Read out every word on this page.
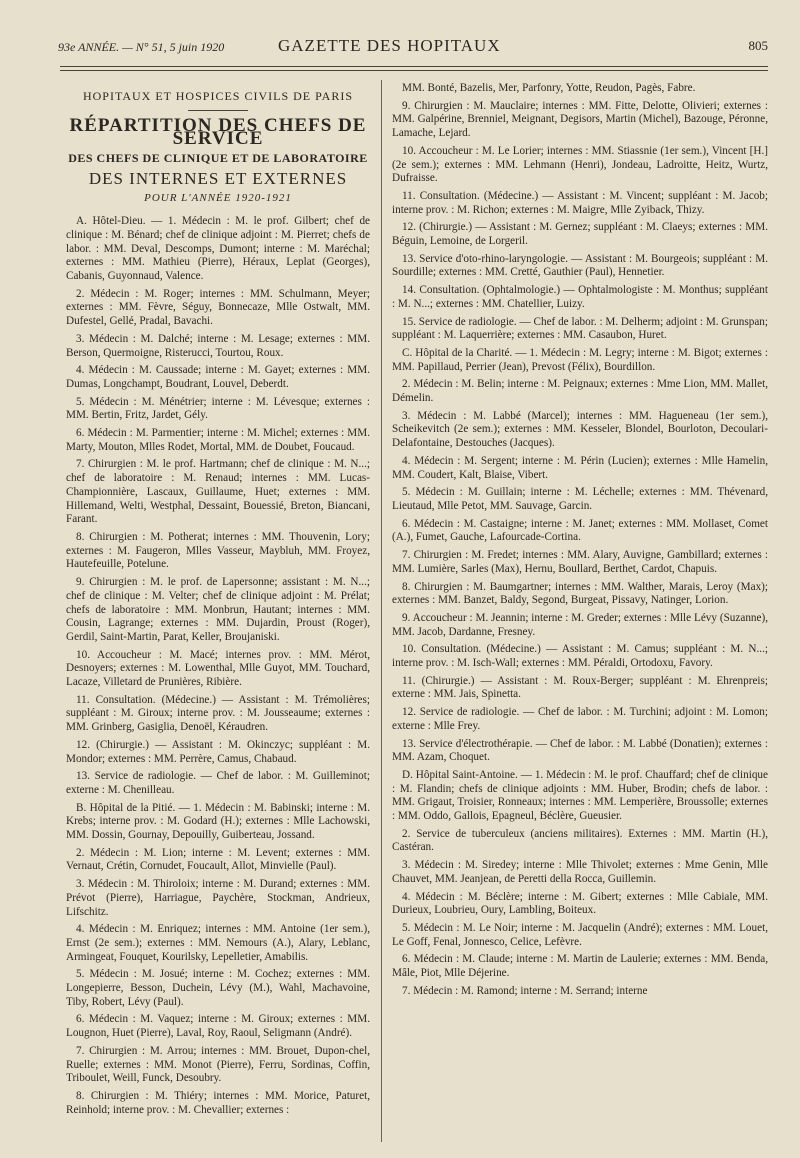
93e ANNÉE. — N° 51, 5 juin 1920	GAZETTE DES HOPITAUX	805
HOPITAUX ET HOSPICES CIVILS DE PARIS
RÉPARTITION DES CHEFS DE SERVICE
DES CHEFS DE CLINIQUE ET DE LABORATOIRE
DES INTERNES ET EXTERNES
POUR L'ANNÉE 1920-1921

A. Hôtel-Dieu. — 1. Médecin : M. le prof. Gilbert; chef de clinique : M. Bénard; chef de clinique adjoint : M. Pierret; chefs de labor. : MM. Deval, Descomps, Dumont; interne : M. Maréchal; externes : MM. Mathieu (Pierre), Héraux, Leplat (Georges), Cabanis, Guyonnaud, Valence.

2. Médecin : M. Roger; internes : MM. Schulmann, Meyer; externes : MM. Fèvre, Séguy, Bonnecaze, Mlle Ostwalt, MM. Dufestel, Gellé, Pradal, Bavachi.

3. Médecin : M. Dalché; interne : M. Lesage; externes : MM. Berson, Quermoigne, Risterucci, Tourtou, Roux.

4. Médecin : M. Caussade; interne : M. Gayet; externes : MM. Dumas, Longchampt, Boudrant, Louvel, Deberdt.

5. Médecin : M. Ménétrier; interne : M. Lévesque; externes : MM. Bertin, Fritz, Jardet, Gély.

6. Médecin : M. Parmentier; interne : M. Michel; externes : MM. Marty, Mouton, Mlles Rodet, Mortal, MM. de Doubet, Foucaud.

7. Chirurgien : M. le prof. Hartmann; chef de clinique : M. N...; chef de laboratoire : M. Renaud; internes : MM. Lucas-Championnière, Lascaux, Guillaume, Huet; externes : MM. Hillemand, Welti, Westphal, Dessaint, Bouessié, Breton, Biancani, Farant.

8. Chirurgien : M. Potherat; internes : MM. Thouvenin, Lory; externes : M. Faugeron, Mlles Vasseur, Maybluh, MM. Froyez, Hautefeuille, Potelune.

9. Chirurgien : M. le prof. de Lapersonne; assistant : M. N...; chef de clinique : M. Velter; chef de clinique adjoint : M. Prélat; chefs de laboratoire : MM. Monbrun, Hautant; internes : MM. Cousin, Lagrange; externes : MM. Dujardin, Proust (Roger), Gerdil, Saint-Martin, Parat, Keller, Broujaniski.

10. Accoucheur : M. Macé; internes prov. : MM. Mérot, Desnoyers; externes : M. Lowenthal, Mlle Guyot, MM. Touchard, Lacaze, Villetard de Prunières, Ribière.

11. Consultation. (Médecine.) — Assistant : M. Trémolières; suppléant : M. Giroux; interne prov. : M. Jousseaume; externes : MM. Grinberg, Gasiglia, Denoël, Kéraudren.

12. (Chirurgie.) — Assistant : M. Okinczyc; suppléant : M. Mondor; externes : MM. Perrère, Camus, Chabaud.

13. Service de radiologie. — Chef de labor. : M. Guilleminot; externe : M. Chenilleau.

B. Hôpital de la Pitié. — 1. Médecin : M. Babinski; interne : M. Krebs; interne prov. : M. Godard (H.); externes : Mlle Lachowski, MM. Dossin, Gournay, Depouilly, Guiberteau, Jossand.

2. Médecin : M. Lion; interne : M. Levent; externes : MM. Vernaut, Crétin, Cornudet, Foucault, Allot, Minvielle (Paul).

3. Médecin : M. Thiroloix; interne : M. Durand; externes : MM. Prévot (Pierre), Harriague, Paychère, Stockman, Andrieux, Lifschitz.

4. Médecin : M. Enriquez; internes : MM. Antoine (1er sem.), Ernst (2e sem.); externes : MM. Nemours (A.), Alary, Leblanc, Armingeat, Fouquet, Kourilsky, Lepelletier, Amabilis.

5. Médecin : M. Josué; interne : M. Cochez; externes : MM. Longepierre, Besson, Duchein, Lévy (M.), Wahl, Machavoine, Tiby, Robert, Lévy (Paul).

6. Médecin : M. Vaquez; interne : M. Giroux; externes : MM. Lougnon, Huet (Pierre), Laval, Roy, Raoul, Seligmann (André).

7. Chirurgien : M. Arrou; internes : MM. Brouet, Dupon-chel, Ruelle; externes : MM. Monot (Pierre), Ferru, Sordinas, Coffin, Triboulet, Weill, Funck, Desoubry.

8. Chirurgien : M. Thiéry; internes : MM. Morice, Paturet, Reinhold; interne prov. : M. Chevallier; externes :

MM. Bonté, Bazelis, Mer, Parfonry, Yotte, Reudon, Pagès, Fabre.

9. Chirurgien : M. Mauclaire; internes : MM. Fitte, Delotte, Olivieri; externes : MM. Galpérine, Brenniel, Meignant, Degisors, Martin (Michel), Bazouge, Péronne, Lamache, Lejard.

10. Accoucheur : M. Le Lorier; internes : MM. Stiassnie (1er sem.), Vincent [H.] (2e sem.); externes : MM. Lehmann (Henri), Jondeau, Ladroitte, Heitz, Wurtz, Dufraisse.

11. Consultation. (Médecine.) — Assistant : M. Vincent; suppléant : M. Jacob; interne prov. : M. Richon; externes : M. Maigre, Mlle Zyiback, Thizy.

12. (Chirurgie.) — Assistant : M. Gernez; suppléant : M. Claeys; externes : MM. Béguin, Lemoine, de Lorgeril.

13. Service d'oto-rhino-laryngologie. — Assistant : M. Bourgeois; suppléant : M. Sourdille; externes : MM. Cretté, Gauthier (Paul), Hennetier.

14. Consultation. (Ophtalmologie.) — Ophtalmologiste : M. Monthus; suppléant : M. N...; externes : MM. Chatellier, Luizy.

15. Service de radiologie. — Chef de labor. : M. Delherm; adjoint : M. Grunspan; suppléant : M. Laquerrière; externes : MM. Casaubon, Huret.

C. Hôpital de la Charité. — 1. Médecin : M. Legry; interne : M. Bigot; externes : MM. Papillaud, Perrier (Jean), Prevost (Félix), Bourdillon.

2. Médecin : M. Belin; interne : M. Peignaux; externes : Mme Lion, MM. Mallet, Démelin.

3. Médecin : M. Labbé (Marcel); internes : MM. Hagueneau (1er sem.), Scheikevitch (2e sem.); externes : MM. Kesseler, Blondel, Bourloton, Decoulari-Delafontaine, Destouches (Jacques).

4. Médecin : M. Sergent; interne : M. Périn (Lucien); externes : Mlle Hamelin, MM. Coudert, Kalt, Blaise, Vibert.

5. Médecin : M. Guillain; interne : M. Léchelle; externes : MM. Thévenard, Lieutaud, Mlle Petot, MM. Sauvage, Garcin.

6. Médecin : M. Castaigne; interne : M. Janet; externes : MM. Mollaset, Comet (A.), Fumet, Gauche, Lafourcade-Cortina.

7. Chirurgien : M. Fredet; internes : MM. Alary, Auvigne, Gambillard; externes : MM. Lumière, Sarles (Max), Hernu, Boullard, Berthet, Cardot, Chapuis.

8. Chirurgien : M. Baumgartner; internes : MM. Walther, Marais, Leroy (Max); externes : MM. Banzet, Baldy, Segond, Burgeat, Pissavy, Natinger, Lorion.

9. Accoucheur : M. Jeannin; interne : M. Greder; externes : Mlle Lévy (Suzanne), MM. Jacob, Dardanne, Fresney.

10. Consultation. (Médecine.) — Assistant : M. Camus; suppléant : M. N...; interne prov. : M. Isch-Wall; externes : MM. Péraldi, Ortodoxu, Favory.

11. (Chirurgie.) — Assistant : M. Roux-Berger; suppléant : M. Ehrenpreis; externe : MM. Jais, Spinetta.

12. Service de radiologie. — Chef de labor. : M. Turchini; adjoint : M. Lomon; externe : Mlle Frey.

13. Service d'électrothérapie. — Chef de labor. : M. Labbé (Donatien); externes : MM. Azam, Choquet.

D. Hôpital Saint-Antoine. — 1. Médecin : M. le prof. Chauffard; chef de clinique : M. Flandin; chefs de clinique adjoints : MM. Huber, Brodin; chefs de labor. : MM. Grigaut, Troisier, Ronneaux; internes : MM. Lemperière, Broussolle; externes : MM. Oddo, Gallois, Epagneul, Béclère, Gueusier.

2. Service de tuberculeux (anciens militaires). Externes : MM. Martin (H.), Castéran.

3. Médecin : M. Siredey; interne : Mlle Thivolet; externes : Mme Genin, Mlle Chauvet, MM. Jeanjean, de Peretti della Rocca, Guillemin.

4. Médecin : M. Béclère; interne : M. Gibert; externes : Mlle Cabiale, MM. Durieux, Loubrieu, Oury, Lambling, Boiteux.

5. Médecin : M. Le Noir; interne : M. Jacquelin (André); externes : MM. Louet, Le Goff, Fenal, Jonnesco, Celice, Lefèvre.

6. Médecin : M. Claude; interne : M. Martin de Laulerie; externes : MM. Benda, Mâle, Piot, Mlle Déjerine.

7. Médecin : M. Ramond; interne : M. Serrand; interne
